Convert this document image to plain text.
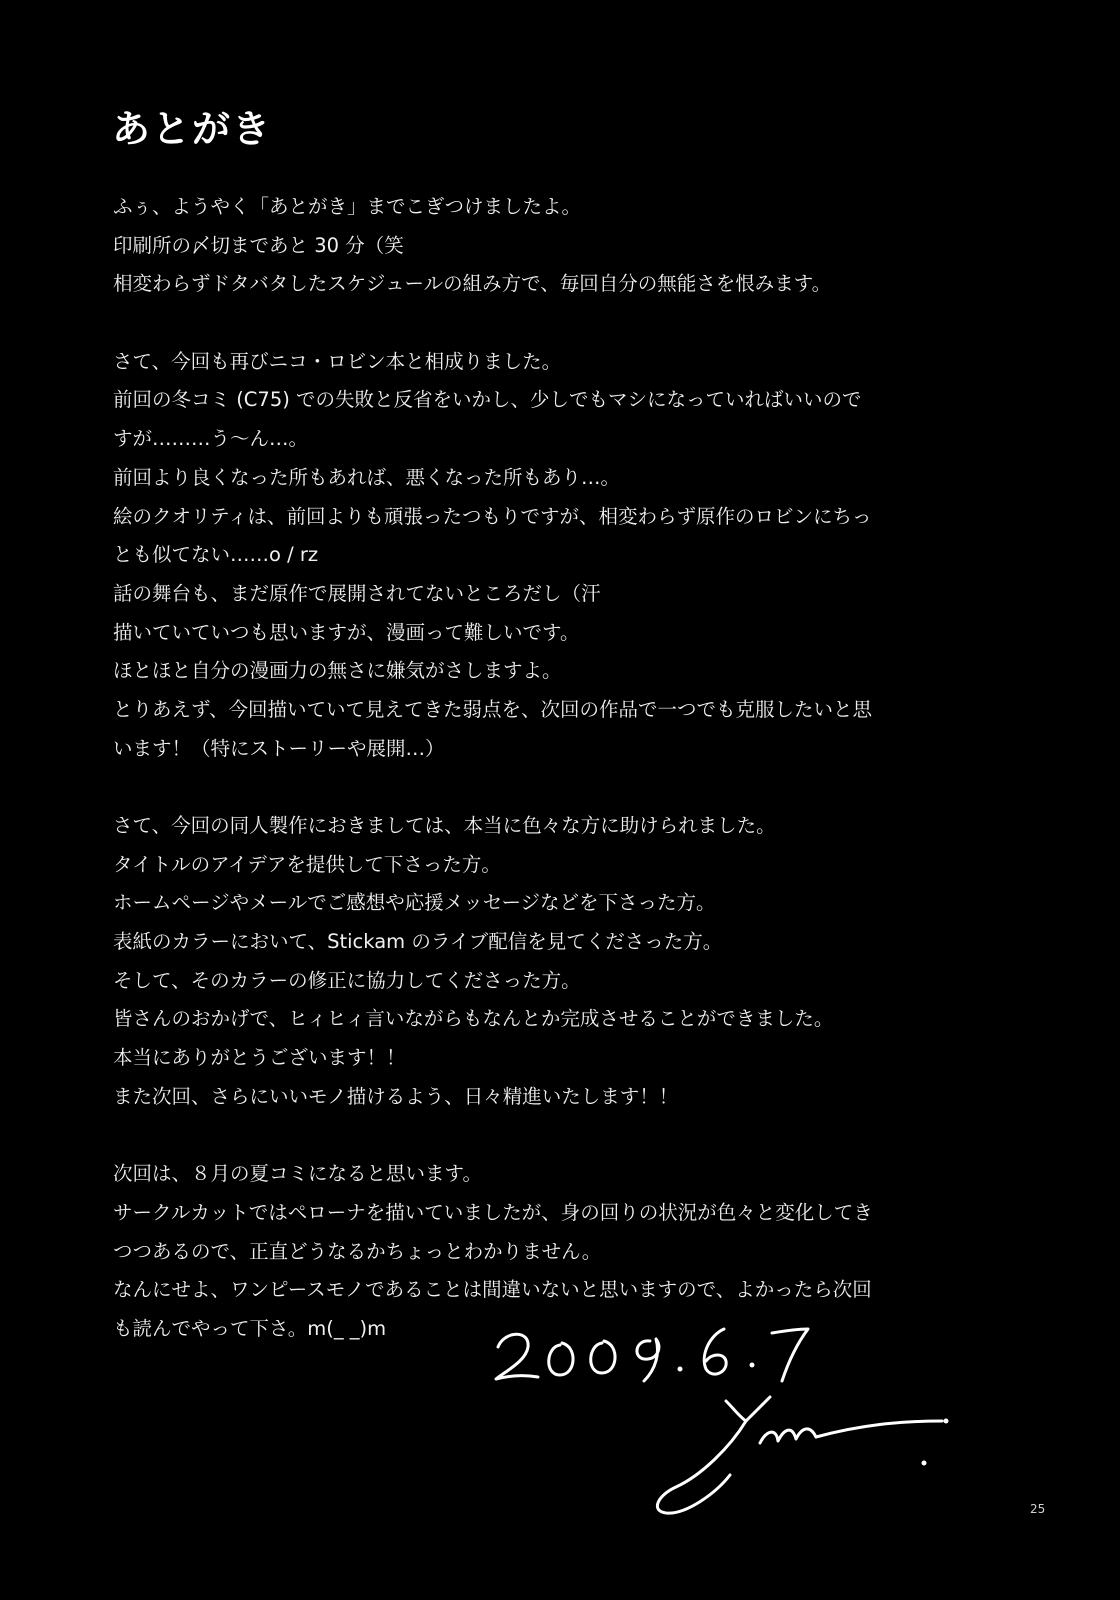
あとがき
ふぅ、ようやく「あとがき」までこぎつけましたよ。
印刷所の〆切まであと 30 分（笑
相変わらずドタバタしたスケジュールの組み方で、毎回自分の無能さを恨みます。
さて、今回も再びニコ・ロビン本と相成りました。
前回の冬コミ (C75) での失敗と反省をいかし、少しでもマシになっていればいいので
すが………う〜ん…。
前回より良くなった所もあれば、悪くなった所もあり…。
絵のクオリティは、前回よりも頑張ったつもりですが、相変わらず原作のロビンにちっ
とも似てない……o / rz
話の舞台も、まだ原作で展開されてないところだし（汗
描いていていつも思いますが、漫画って難しいです。
ほとほと自分の漫画力の無さに嫌気がさしますよ。
とりあえず、今回描いていて見えてきた弱点を、次回の作品で一つでも克服したいと思
います！（特にストーリーや展開…）
さて、今回の同人製作におきましては、本当に色々な方に助けられました。
タイトルのアイデアを提供して下さった方。
ホームページやメールでご感想や応援メッセージなどを下さった方。
表紙のカラーにおいて、Stickam のライブ配信を見てくださった方。
そして、そのカラーの修正に協力してくださった方。
皆さんのおかげで、ヒィヒィ言いながらもなんとか完成させることができました。
本当にありがとうございます！！
また次回、さらにいいモノ描けるよう、日々精進いたします！！
次回は、８月の夏コミになると思います。
サークルカットではペローナを描いていましたが、身の回りの状況が色々と変化してき
つつあるので、正直どうなるかちょっとわかりません。
なんにせよ、ワンピースモノであることは間違いないと思いますので、よかったら次回
も読んでやって下さ。m(_ _)m
25
